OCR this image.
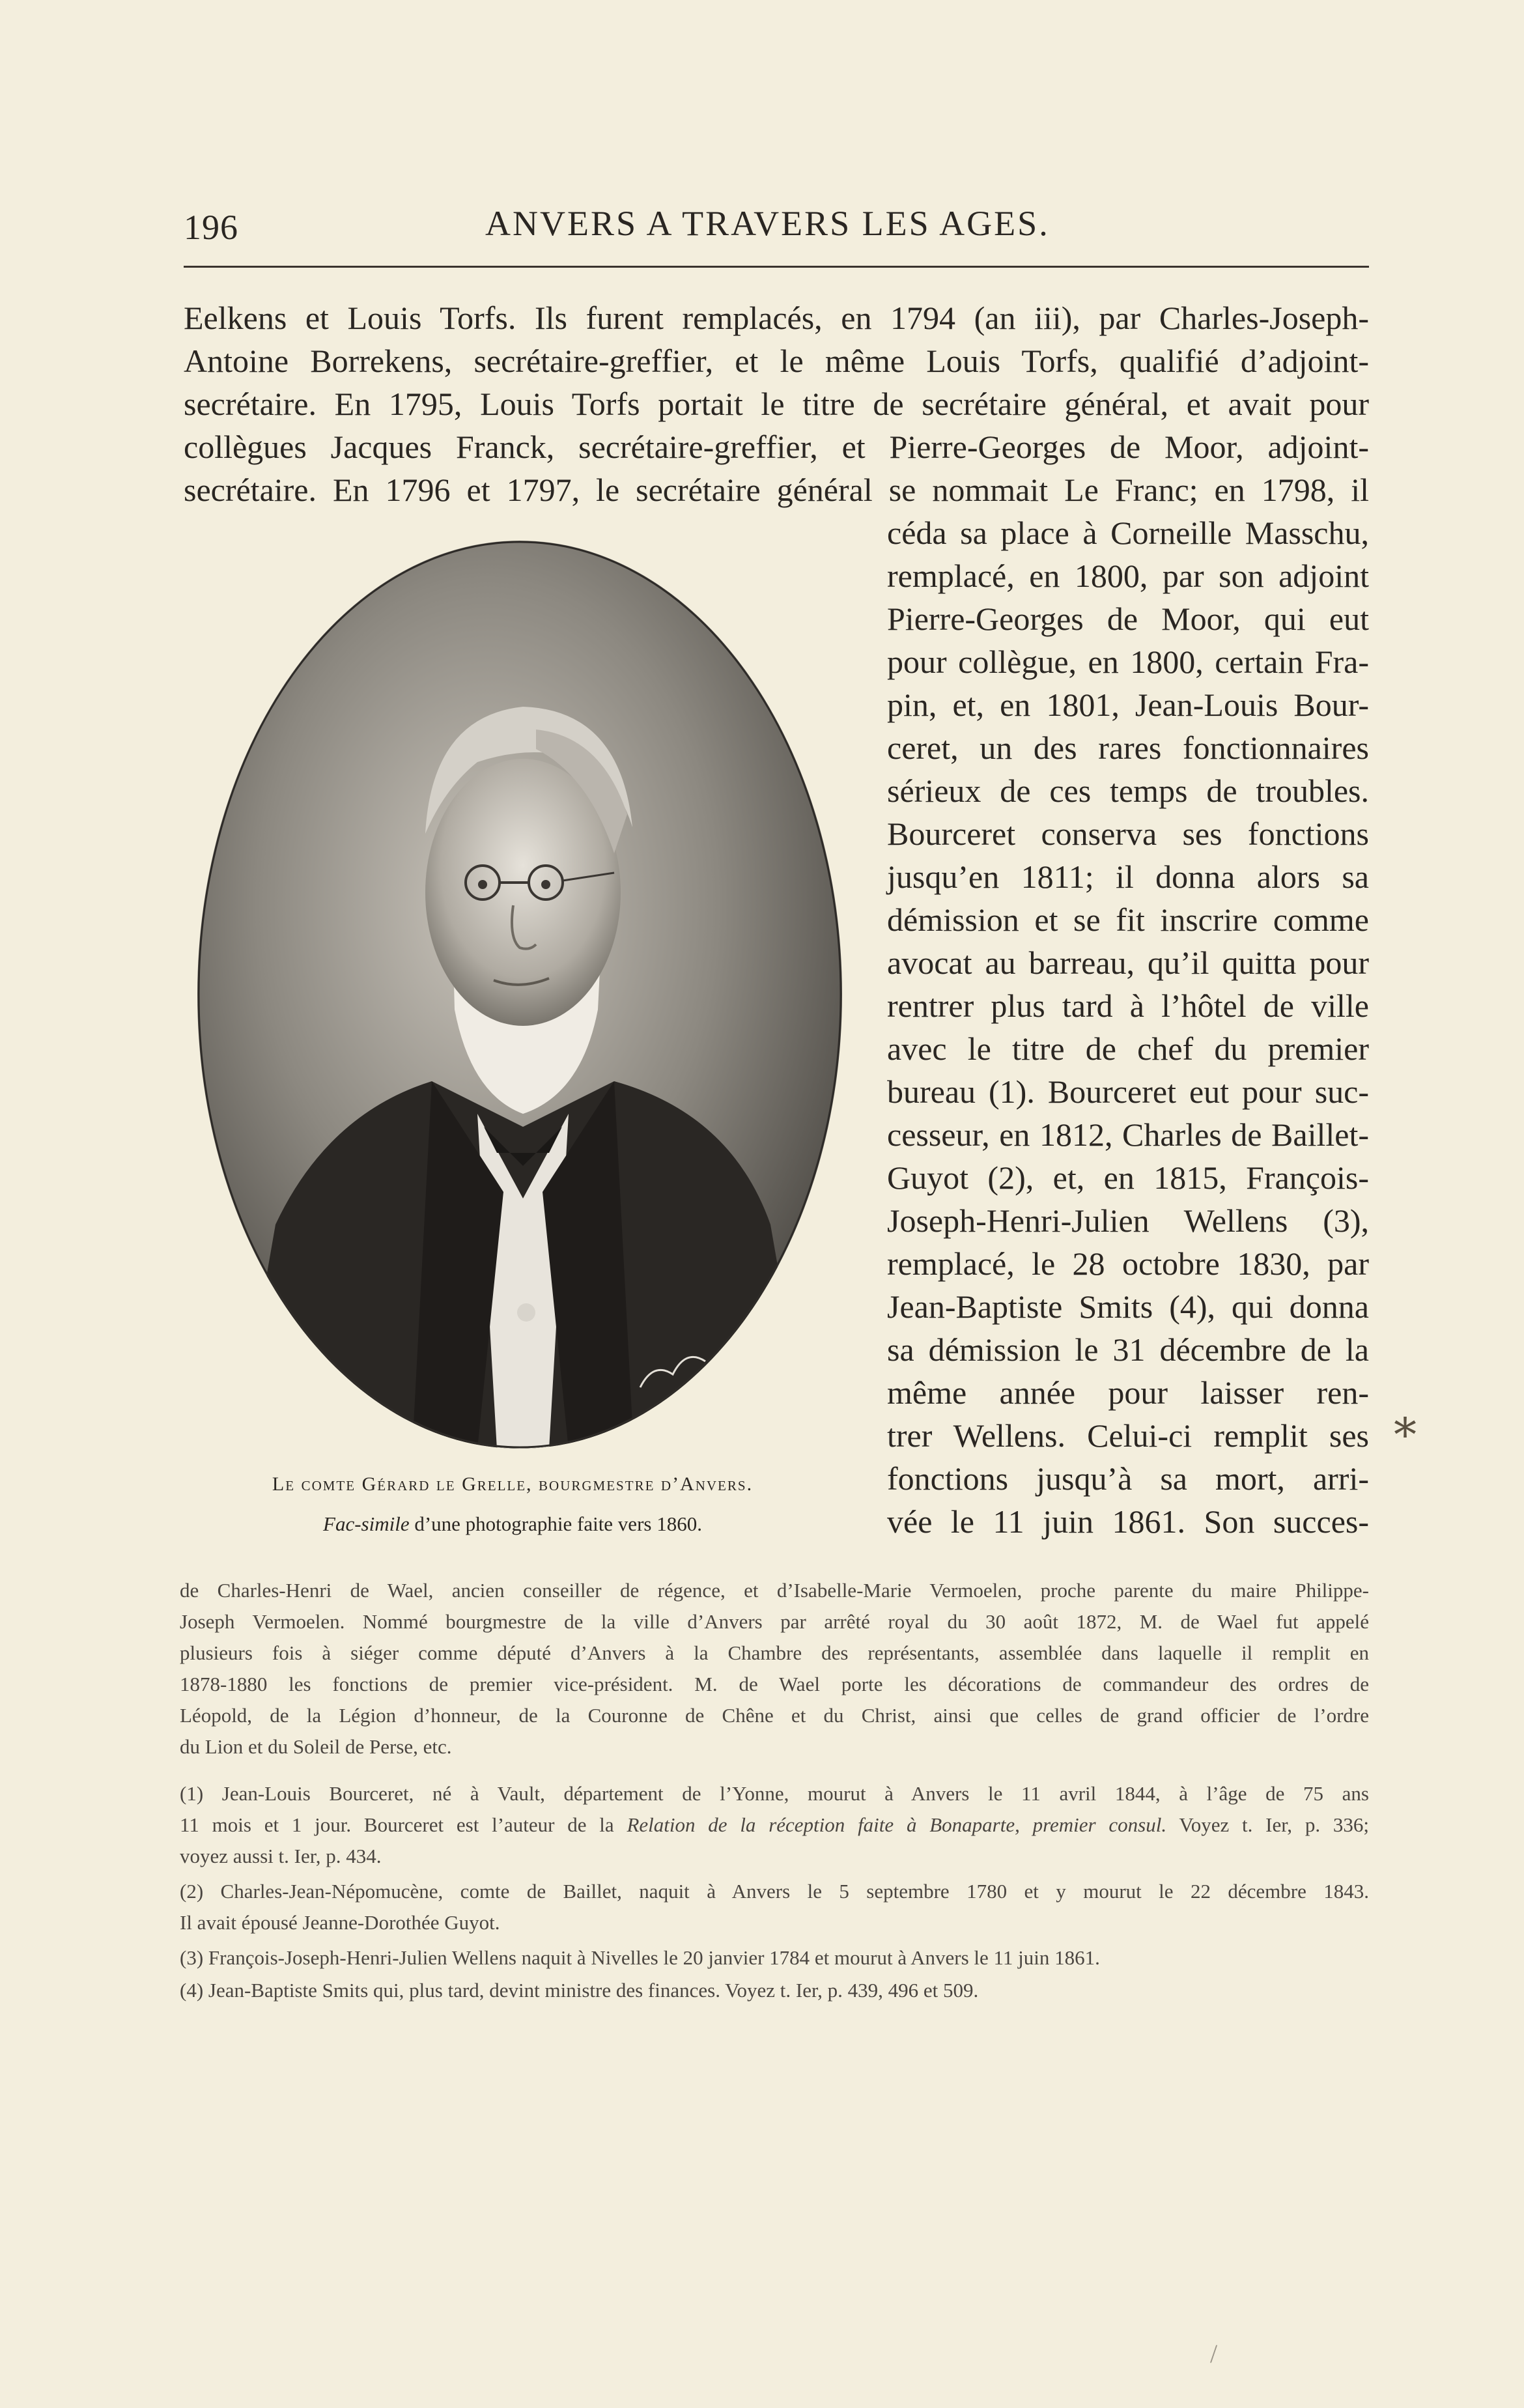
196	ANVERS A TRAVERS LES AGES.
Eelkens et Louis Torfs. Ils furent remplacés, en 1794 (an iii), par Charles-Joseph-
Antoine Borrekens, secrétaire-greffier, et le même Louis Torfs, qualifié d’adjoint-
secrétaire. En 1795, Louis Torfs portait le titre de secrétaire général, et avait pour
collègues Jacques Franck, secrétaire-greffier, et Pierre-Georges de Moor, adjoint-
secrétaire. En 1796 et 1797, le secrétaire général se nommait Le Franc; en 1798, il
céda sa place à Corneille Masschu,
remplacé, en 1800, par son adjoint
Pierre-Georges de Moor, qui eut
pour collègue, en 1800, certain Fra-
pin, et, en 1801, Jean-Louis Bour-
ceret, un des rares fonctionnaires
sérieux de ces temps de troubles.
Bourceret conserva ses fonctions
jusqu’en 1811; il donna alors sa
démission et se fit inscrire comme
avocat au barreau, qu’il quitta pour
rentrer plus tard à l’hôtel de ville
avec le titre de chef du premier
bureau (1). Bourceret eut pour suc-
cesseur, en 1812, Charles de Baillet-
Guyot (2), et, en 1815, François-
Joseph-Henri-Julien Wellens (3),
remplacé, le 28 octobre 1830, par
Jean-Baptiste Smits (4), qui donna
sa démission le 31 décembre de la
même année pour laisser ren-
trer Wellens. Celui-ci remplit ses
fonctions jusqu’à sa mort, arri-
vée le 11 juin 1861. Son succes-
Le comte Gérard le Grelle, bourgmestre d’Anvers.
Fac-simile d’une photographie faite vers 1860.
⁎
de Charles-Henri de Wael, ancien conseiller de régence, et d’Isabelle-Marie Vermoelen, proche parente du maire Philippe-
Joseph Vermoelen. Nommé bourgmestre de la ville d’Anvers par arrêté royal du 30 août 1872, M. de Wael fut appelé
plusieurs fois à siéger comme député d’Anvers à la Chambre des représentants, assemblée dans laquelle il remplit en
1878-1880 les fonctions de premier vice-président. M. de Wael porte les décorations de commandeur des ordres de
Léopold, de la Légion d’honneur, de la Couronne de Chêne et du Christ, ainsi que celles de grand officier de l’ordre
du Lion et du Soleil de Perse, etc.
(1) Jean-Louis Bourceret, né à Vault, département de l’Yonne, mourut à Anvers le 11 avril 1844, à l’âge de 75 ans
11 mois et 1 jour. Bourceret est l’auteur de la Relation de la réception faite à Bonaparte, premier consul. Voyez t. Ier, p. 336;
voyez aussi t. Ier, p. 434.
(2) Charles-Jean-Népomucène, comte de Baillet, naquit à Anvers le 5 septembre 1780 et y mourut le 22 décembre 1843.
Il avait épousé Jeanne-Dorothée Guyot.
(3) François-Joseph-Henri-Julien Wellens naquit à Nivelles le 20 janvier 1784 et mourut à Anvers le 11 juin 1861.
(4) Jean-Baptiste Smits qui, plus tard, devint ministre des finances. Voyez t. Ier, p. 439, 496 et 509.
/
